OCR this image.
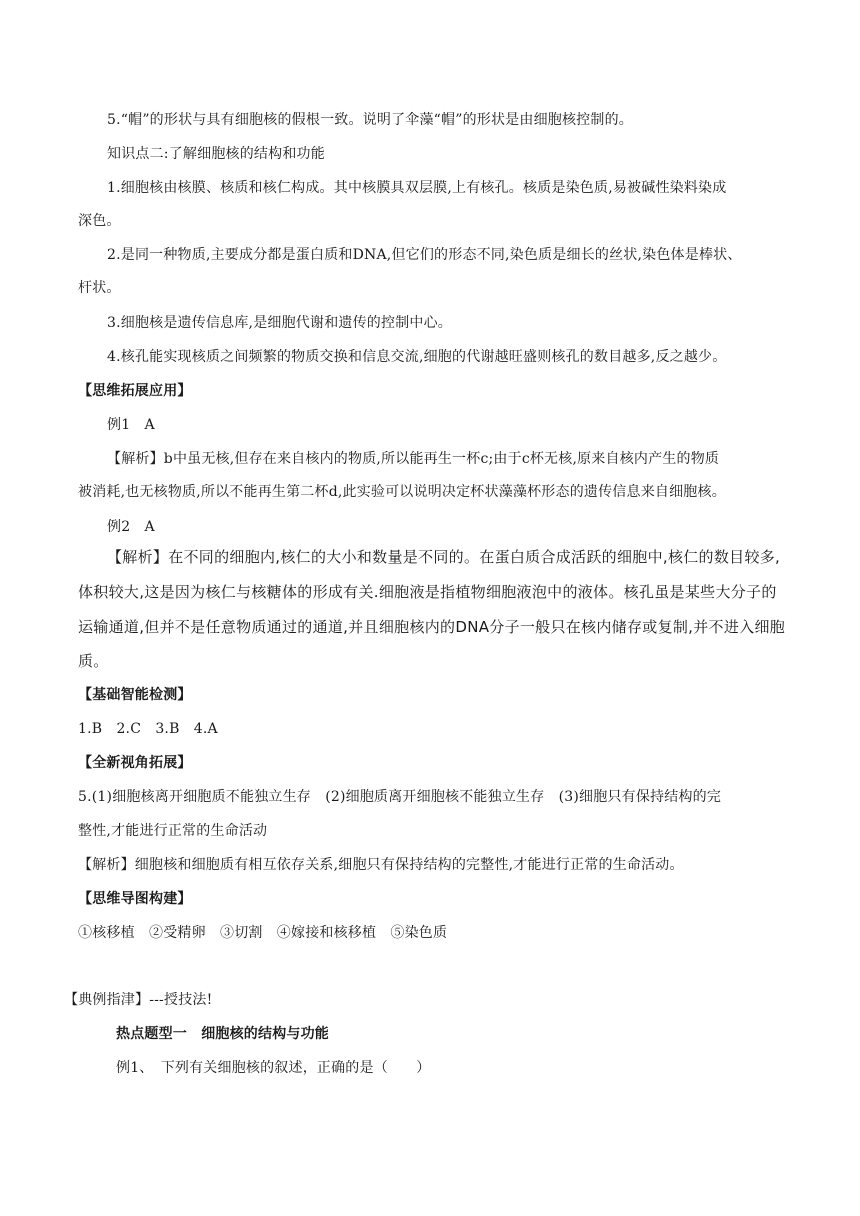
5.“帽”的形状与具有细胞核的假根一致。说明了伞藻“帽”的形状是由细胞核控制的。
知识点二:了解细胞核的结构和功能
1.细胞核由核膜、核质和核仁构成。其中核膜具双层膜,上有核孔。核质是染色质,易被碱性染料染成
深色。
2.是同一种物质,主要成分都是蛋白质和DNA,但它们的形态不同,染色质是细长的丝状,染色体是棒状、
杆状。
3.细胞核是遗传信息库,是细胞代谢和遗传的控制中心。
4.核孔能实现核质之间频繁的物质交换和信息交流,细胞的代谢越旺盛则核孔的数目越多,反之越少。
【思维拓展应用】
例1　A
【解析】b中虽无核,但存在来自核内的物质,所以能再生一杯c;由于c杯无核,原来自核内产生的物质
被消耗,也无核物质,所以不能再生第二杯d,此实验可以说明决定杯状藻藻杯形态的遗传信息来自细胞核。
例2　A
【解析】在不同的细胞内,核仁的大小和数量是不同的。在蛋白质合成活跃的细胞中,核仁的数目较多,
体积较大,这是因为核仁与核糖体的形成有关.细胞液是指植物细胞液泡中的液体。核孔虽是某些大分子的
运输通道,但并不是任意物质通过的通道,并且细胞核内的DNA分子一般只在核内储存或复制,并不进入细胞
质。
【基础智能检测】
1.B　2.C　3.B　4.A
【全新视角拓展】
5.(1)细胞核离开细胞质不能独立生存　(2)细胞质离开细胞核不能独立生存　(3)细胞只有保持结构的完
整性,才能进行正常的生命活动
【解析】细胞核和细胞质有相互依存关系,细胞只有保持结构的完整性,才能进行正常的生命活动。
【思维导图构建】
①核移植　②受精卵　③切割　④嫁接和核移植　⑤染色质
【典例指津】---授技法!
热点题型一　细胞核的结构与功能
例1、　下列有关细胞核的叙述，正确的是（　　）
